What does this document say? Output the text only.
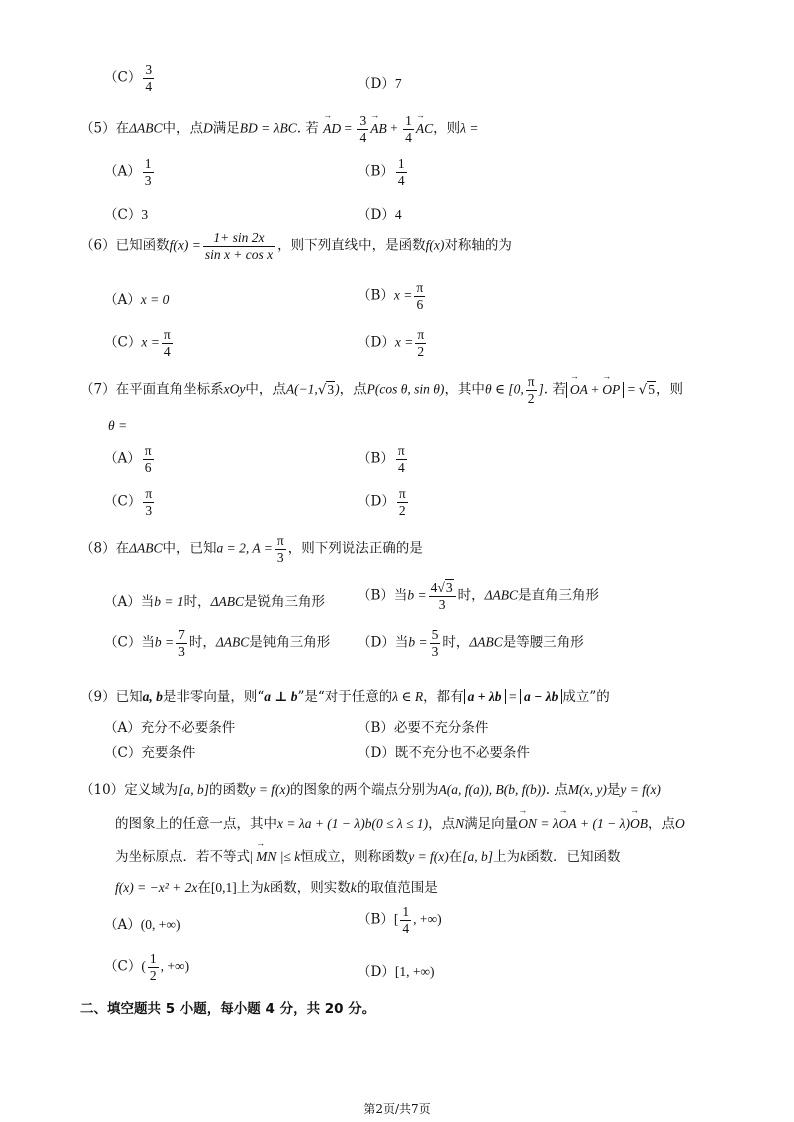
$(C) \frac{3}{4}$	（D）7
（5）在ΔABC中，点D满足BD = λBC. 若 AD → = $\frac{3}{4}$ AB → + $\frac{1}{4}$ AC →，则λ =
$(A) \frac{1}{3}$	$(B) \frac{1}{4}$
（C）3	（D）4
（6）已知函数$f(x) = \frac{1+ \sin 2x}{\text{sin x + cos x}}$ ，则下列直线中，是函数f(x)对称轴的为
（A）x = 0	$(B)x = \frac{\pi}{6}$
$(C)x = \frac{\pi}{4}$	$(D)x = \frac{\pi}{2}$
（7）在平面直角坐标系xOy中，点A(−1,√3)，点P(cos θ, sin θ)，其中θ ∈ [0, $\frac{\pi}{2}$ ]. 若 OA → + OP → = √5，则
θ =
$(A) \frac{\pi}{6}$	$(B) \frac{\pi}{4}$
$(C) \frac{\pi}{3}$	$(D) \frac{\pi}{2}$
（8）在ΔABC中，已知a = 2, $A = \frac{\pi}{3}$ ，则下列说法正确的是
（A）当b = 1时，ΔABC是锐角三角形 （B）当$b = \frac{4√3}{3}$ 时，ΔABC是直角三角形
（C）当$b = \frac{7}{3}$ 时，ΔABC是钝角三角形 （D）当$b = \frac{5}{3}$ 时，ΔABC是等腰三角形
（9）已知a, b是非零向量，则“a ⊥ b”是“对于任意的λ ∈ R，都有 a + λb = a − λb 成立”的
（A）充分不必要条件	（B）必要不充分条件
（C）充要条件	（D）既不充分也不必要条件
（10）定义域为[a, b]的函数y = f(x)的图象的两个端点分别为A(a, f(a)), B(b, f(b)). 点M(x, y)是y = f(x)
的图象上的任意一点，其中x = λa + (1 − λ)b(0 ≤ λ ≤ 1)，点N满足向量ON → = λOA → + (1 − λ)OB →，点O
为坐标原点．若不等式| MN → |≤ k恒成立，则称函数y = f(x)在[a, b]上为k函数．已知函数
f(x) = −x² + 2x在[0,1]上为k函数，则实数k的取值范围是
（A）(0, +∞)	$(B)[ \frac{1}{4}$ , +∞)
$(C)( \frac{1}{2}$ , +∞)	（D）[1, +∞)
二、填空题共 5 小题，每小题 4 分，共 20 分。
第2页/共7页
